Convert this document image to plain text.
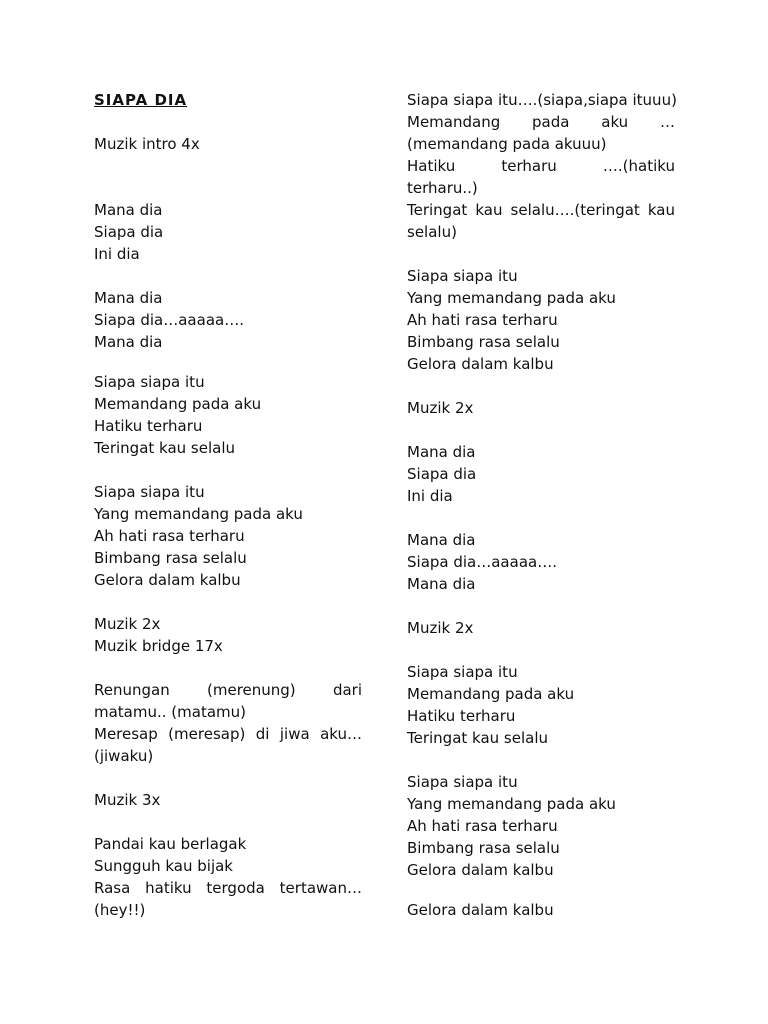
SIAPA DIA
Muzik intro 4x
Mana dia
Siapa dia
Ini dia
Mana dia
Siapa dia…aaaaa….
Mana dia
Siapa siapa itu
Memandang pada aku
Hatiku terharu
Teringat kau selalu
Siapa siapa itu
Yang memandang pada aku
Ah hati rasa terharu
Bimbang rasa selalu
Gelora dalam kalbu
Muzik 2x
Muzik bridge 17x
Renungan (merenung) dari
matamu.. (matamu)
Meresap (meresap) di jiwa aku…
(jiwaku)
Muzik 3x
Pandai kau berlagak
Sungguh kau bijak
Rasa hatiku tergoda tertawan…
(hey!!)
Siapa siapa itu….(siapa,siapa ituuu)
Memandang pada aku …
(memandang pada akuuu)
Hatiku terharu ….(hatiku
terharu..)
Teringat kau selalu….(teringat kau
selalu)
Siapa siapa itu
Yang memandang pada aku
Ah hati rasa terharu
Bimbang rasa selalu
Gelora dalam kalbu
Muzik 2x
Mana dia
Siapa dia
Ini dia
Mana dia
Siapa dia…aaaaa….
Mana dia
Muzik 2x
Siapa siapa itu
Memandang pada aku
Hatiku terharu
Teringat kau selalu
Siapa siapa itu
Yang memandang pada aku
Ah hati rasa terharu
Bimbang rasa selalu
Gelora dalam kalbu
Gelora dalam kalbu
